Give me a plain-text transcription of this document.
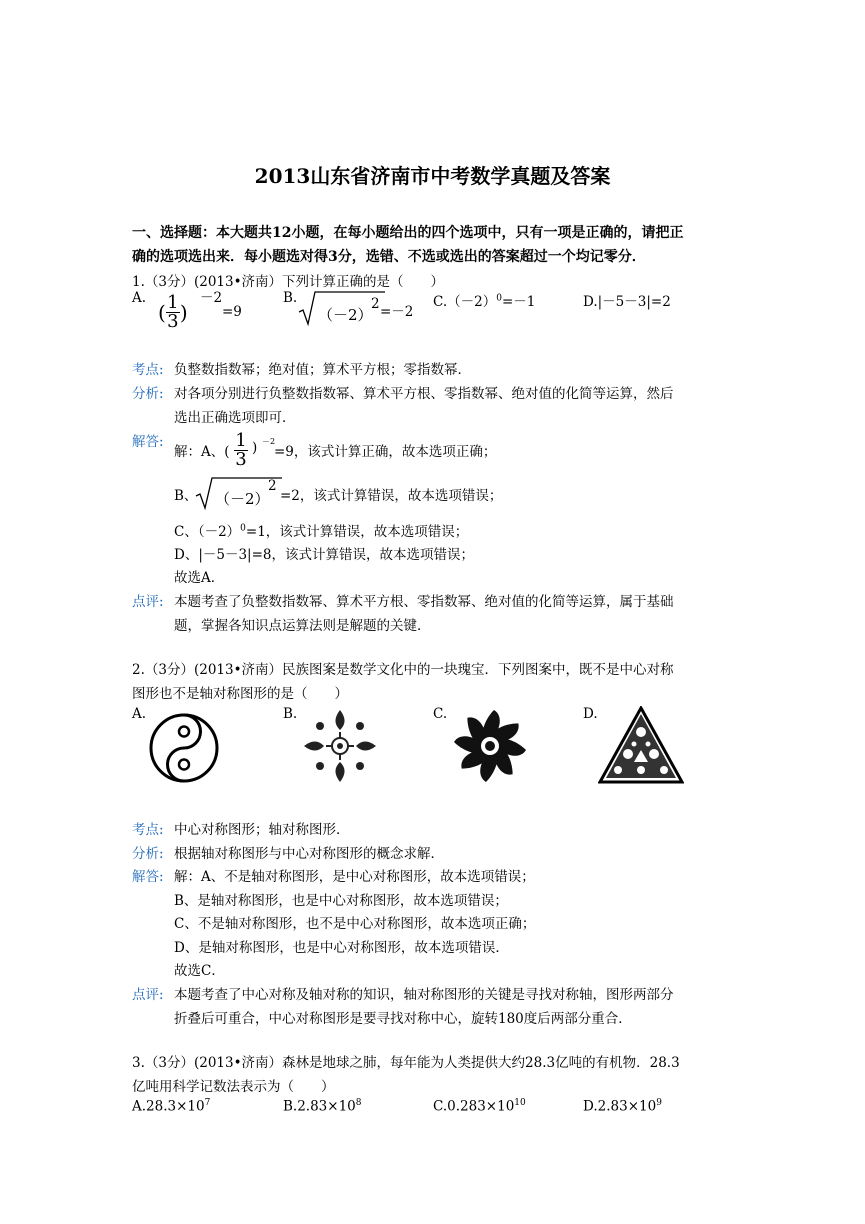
2013山东省济南市中考数学真题及答案
一、选择题：本大题共12小题，在每小题给出的四个选项中，只有一项是正确的，请把正
确的选项选出来．每小题选对得3分，选错、不选或选出的答案超过一个均记零分．
1.（3分）(2013•济南）下列计算正确的是（　　）
A.
( $\frac{1}{3}$ )
－2
=9
B.
（－2）
2 =－2
$C.(-2)^0=-1$	D.|－5－3|=2
考点: 负整数指数幂；绝对值；算术平方根；零指数幂．
分析: 对各项分别进行负整数指数幂、算术平方根、零指数幂、绝对值的化简等运算，然后
选出正确选项即可．
解答:
解：A、( $\frac{1}{3}$ ) －2
=9，该式计算正确，故本选项正确；
B、 （－2）
2
=2，该式计算错误，故本选项错误；
C、$(-2)^0=1$，该式计算错误，故本选项错误；
D、|－5－3|=8，该式计算错误，故本选项错误；
故选A．
点评: 本题考查了负整数指数幂、算术平方根、零指数幂、绝对值的化简等运算，属于基础
题，掌握各知识点运算法则是解题的关键．
2.（3分）(2013•济南）民族图案是数学文化中的一块瑰宝．下列图案中，既不是中心对称
图形也不是轴对称图形的是（　　）
A.	B.	C.	D.
考点: 中心对称图形；轴对称图形．
分析: 根据轴对称图形与中心对称图形的概念求解．
解答: 解：A、不是轴对称图形，是中心对称图形，故本选项错误；
B、是轴对称图形，也是中心对称图形，故本选项错误；
C、不是轴对称图形，也不是中心对称图形，故本选项正确；
D、是轴对称图形，也是中心对称图形，故本选项错误．
故选C．
点评: 本题考查了中心对称及轴对称的知识，轴对称图形的关键是寻找对称轴，图形两部分
折叠后可重合，中心对称图形是要寻找对称中心，旋转180度后两部分重合．
3.（3分）(2013•济南）森林是地球之肺，每年能为人类提供大约28.3亿吨的有机物．28.3
亿吨用科学记数法表示为（　　）
$A.28.3\times 10^7$	$B.2.83\times 10^8$	$C.0.283\times 10^{10}$	$D.2.83\times 10^9$
